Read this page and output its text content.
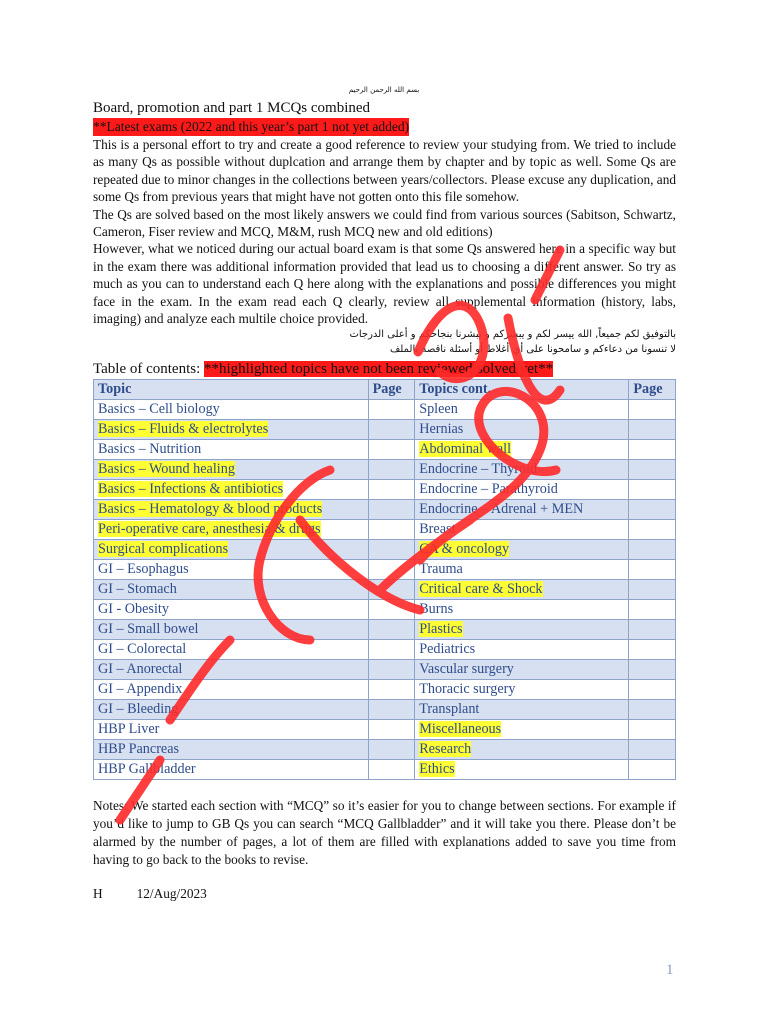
بسم الله الرحمن الرحيم
Board, promotion and part 1 MCQs combined
**Latest exams (2022 and this year’s part 1 not yet added)

This is a personal effort to try and create a good reference to review your studying from. We tried to include as many Qs as possible without duplcation and arrange them by chapter and by topic as well. Some Qs are repeated due to minor changes in the collections between years/collectors. Please excuse any duplication, and some Qs from previous years that might have not gotten onto this file somehow.

The Qs are solved based on the most likely answers we could find from various sources (Sabitson, Schwartz, Cameron, Fiser review and MCQ, M&M, rush MCQ new and old editions)

However, what we noticed during our actual board exam is that some Qs answered here in a specific way but in the exam there was additional information provided that lead us to choosing a different answer. So try as much as you can to understand each Q here along with the explanations and possible differences you might face in the exam. In the exam read each Q clearly, review all supplemental information (history, labs, imaging) and analyze each multile choice provided.

بالتوفيق لكم جميعاً, الله ييسر لكم و يبشركم و يبشرنا بنجاحكم و أعلى الدرجات
لا تنسونا من دعاءكم و سامحونا على أي أغلاط أو أسئلة ناقصة بالملف
Table of contents: **highlighted topics have not been reviewed/solved yet**
Topic	Page	Topics cont.	Page
Basics – Cell biology		Spleen	
Basics – Fluids & electrolytes		Hernias	
Basics – Nutrition		Abdominal wall	
Basics – Wound healing		Endocrine – Thyroid	
Basics – Infections & antibiotics		Endocrine – Parathyroid	
Basics – Hematology & blood products		Endocrine – Adrenal + MEN	
Peri-operative care, anesthesia & drugs		Breast	
Surgical complications		CA & oncology	
GI – Esophagus		Trauma	
GI – Stomach		Critical care & Shock	
GI - Obesity		Burns	
GI – Small bowel		Plastics	
GI – Colorectal		Pediatrics	
GI – Anorectal		Vascular surgery	
GI – Appendix		Thoracic surgery	
GI – Bleeding		Transplant	
HBP Liver		Miscellaneous	
HBP Pancreas		Research	
HBP Gallbladder		Ethics	
Notes: We started each section with “MCQ” so it’s easier for you to change between sections. For example if you’d like to jump to GB Qs you can search “MCQ Gallbladder” and it will take you there. Please don’t be alarmed by the number of pages, a lot of them are filled with explanations added to save you time from having to go back to the books to revise.
H	12/Aug/2023
1
